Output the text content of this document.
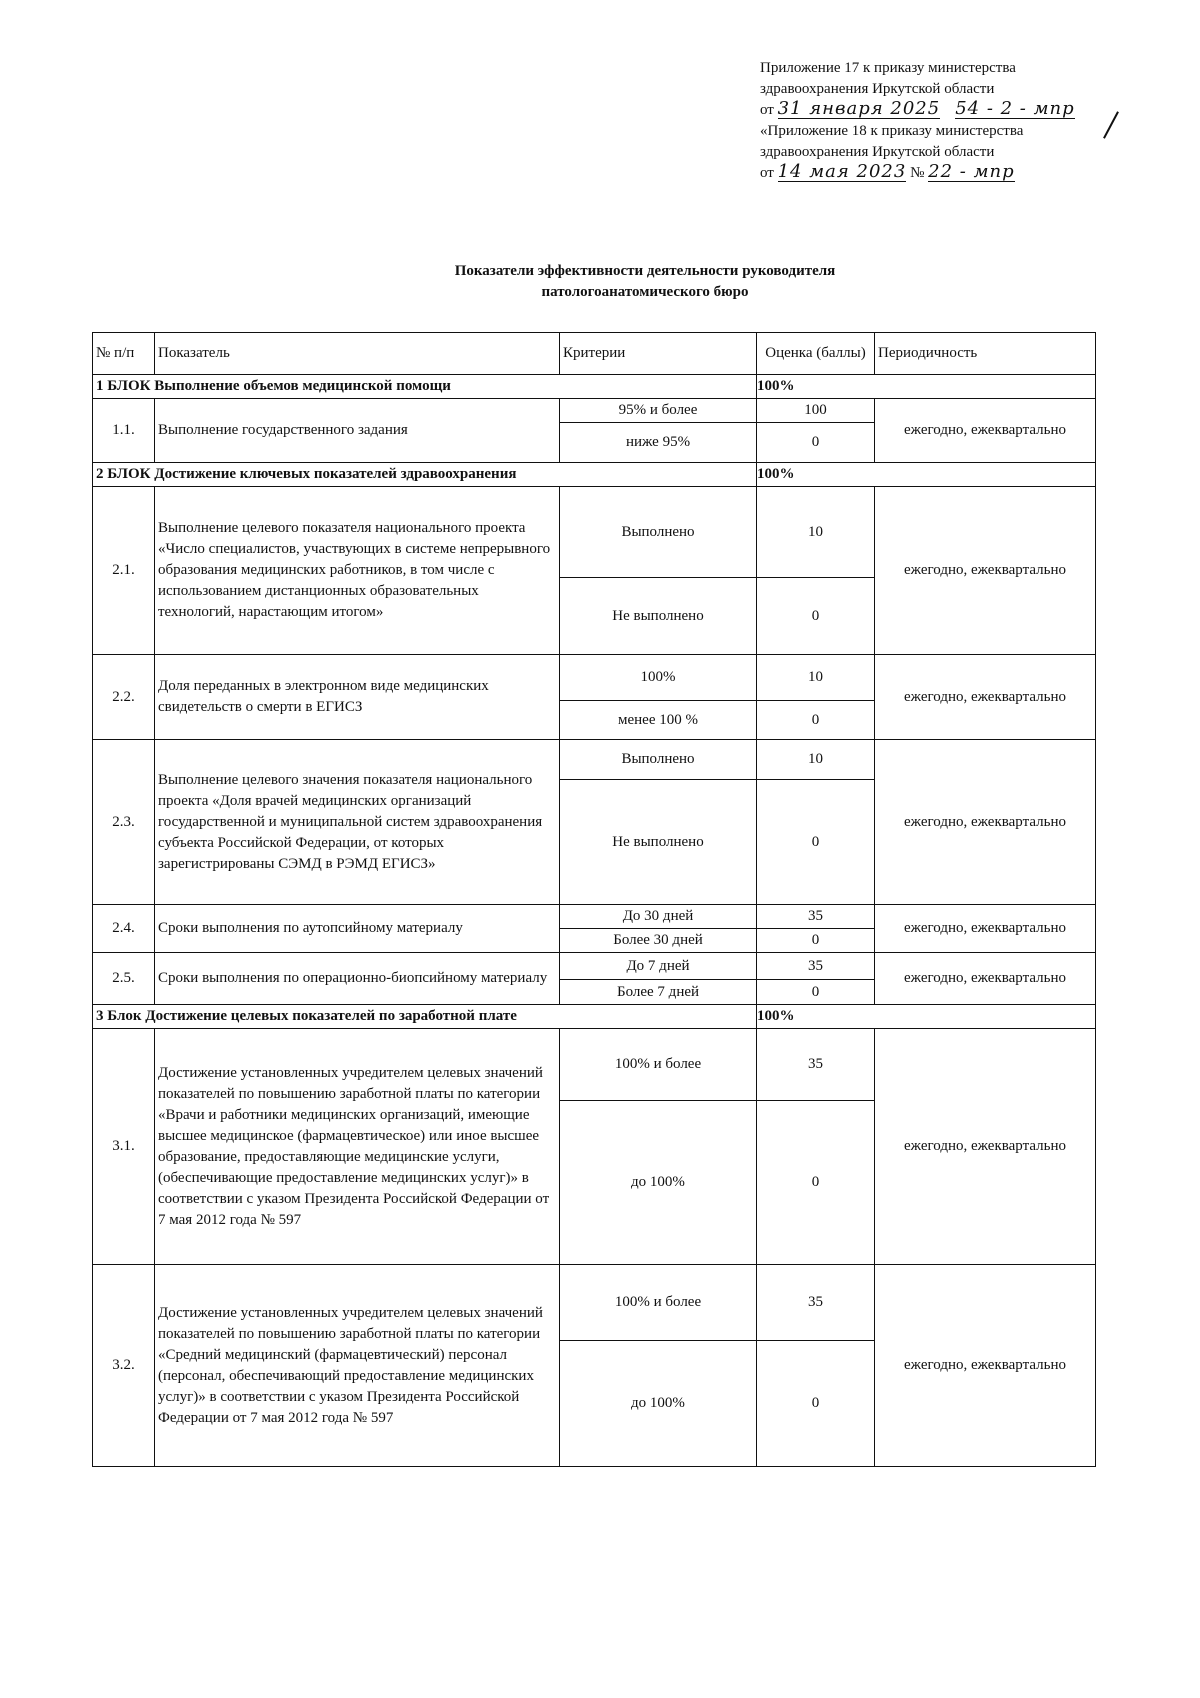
Приложение 17 к приказу министерства
здравоохранения Иркутской области
от 31 января 2025 54 - 2 - мпр
«Приложение 18 к приказу министерства
здравоохранения Иркутской области
от 14 мая 2023 № 22 - мпр
Показатели эффективности деятельности руководителя
патологоанатомического бюро
№ п/п	Показатель	Критерии	Оценка (баллы)	Периодичность
1 БЛОК Выполнение объемов медицинской помощи			100%	
1.1.	Выполнение государственного задания	95% и более	100	ежегодно, ежеквартально
		ниже 95%	0	
2 БЛОК Достижение ключевых показателей здравоохранения			100%	
2.1.	Выполнение целевого показателя национального проекта «Число специалистов, участвующих в системе непрерывного образования медицинских работников, в том числе с использованием дистанционных образовательных технологий, нарастающим итогом»	Выполнено	10	ежегодно, ежеквартально
		Не выполнено	0	
2.2.	Доля переданных в электронном виде медицинских свидетельств о смерти в ЕГИСЗ	100%	10	ежегодно, ежеквартально
		менее 100 %	0	
2.3.	Выполнение целевого значения показателя национального проекта «Доля врачей медицинских организаций государственной и муниципальной систем здравоохранения субъекта Российской Федерации, от которых зарегистрированы СЭМД в РЭМД ЕГИСЗ»	Выполнено	10	ежегодно, ежеквартально
		Не выполнено	0	
2.4.	Сроки выполнения по аутопсийному материалу	До 30 дней	35	ежегодно, ежеквартально
		Более 30 дней	0	
2.5.	Сроки выполнения по операционно-биопсийному материалу	До 7 дней	35	ежегодно, ежеквартально
		Более 7 дней	0	
3 Блок Достижение целевых показателей по заработной плате			100%	
3.1.	Достижение установленных учредителем целевых значений показателей по повышению заработной платы по категории «Врачи и работники медицинских организаций, имеющие высшее медицинское (фармацевтическое) или иное высшее образование, предоставляющие медицинские услуги, (обеспечивающие предоставление медицинских услуг)» в соответствии с указом Президента Российской Федерации от 7 мая 2012 года № 597	100% и более	35	ежегодно, ежеквартально
		до 100%	0	
3.2.	Достижение установленных учредителем целевых значений показателей по повышению заработной платы по категории «Средний медицинский (фармацевтический) персонал (персонал, обеспечивающий предоставление медицинских услуг)» в соответствии с указом Президента Российской Федерации от 7 мая 2012 года № 597	100% и более	35	ежегодно, ежеквартально
		до 100%	0	
